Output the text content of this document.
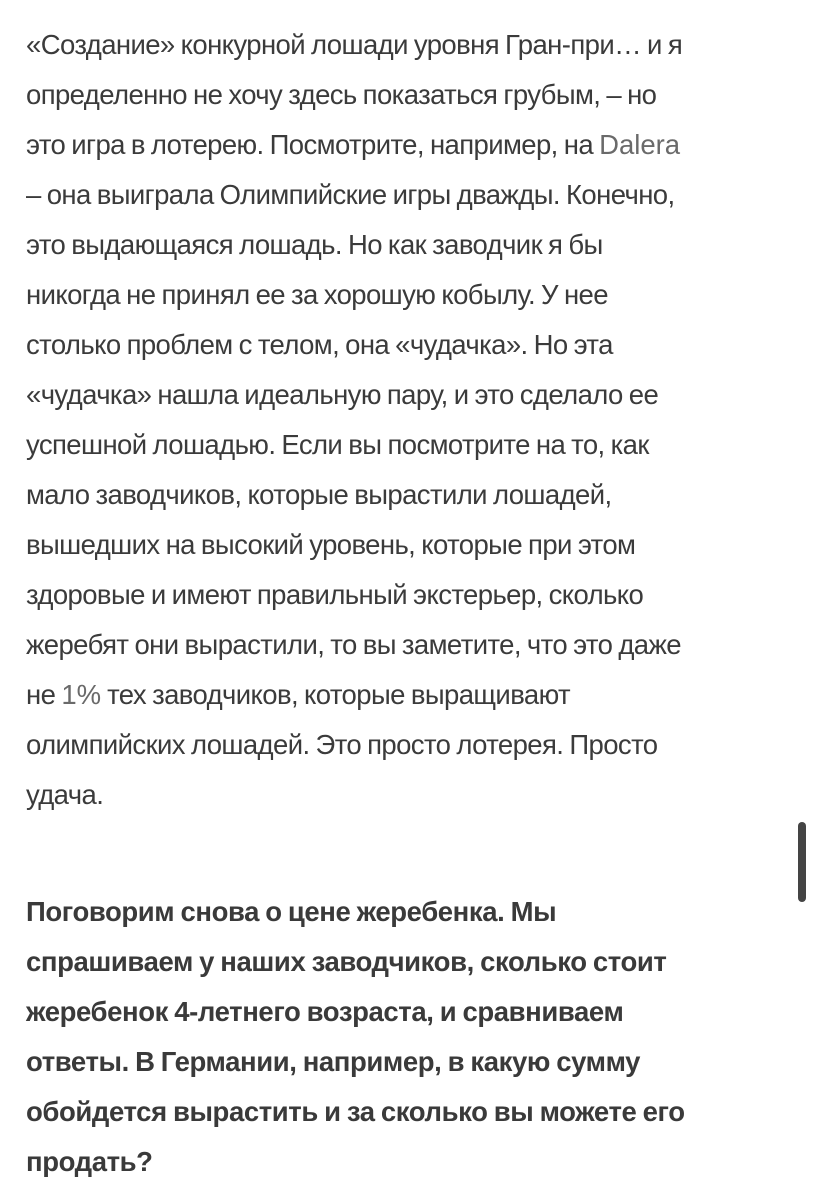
«Создание» конкурной лошади уровня Гран-при… и я
определенно не хочу здесь показаться грубым, – но
это игра в лотерею. Посмотрите, например, на Dalera
– она выиграла Олимпийские игры дважды. Конечно,
это выдающаяся лошадь. Но как заводчик я бы
никогда не принял ее за хорошую кобылу. У нее
столько проблем с телом, она «чудачка». Но эта
«чудачка» нашла идеальную пару, и это сделало ее
успешной лошадью. Если вы посмотрите на то, как
мало заводчиков, которые вырастили лошадей,
вышедших на высокий уровень, которые при этом
здоровые и имеют правильный экстерьер, сколько
жеребят они вырастили, то вы заметите, что это даже
не 1% тех заводчиков, которые выращивают
олимпийских лошадей. Это просто лотерея. Просто
удача.

Поговорим снова о цене жеребенка. Мы
спрашиваем у наших заводчиков, сколько стоит
жеребенок 4-летнего возраста, и сравниваем
ответы. В Германии, например, в какую сумму
обойдется вырастить и за сколько вы можете его
продать?
